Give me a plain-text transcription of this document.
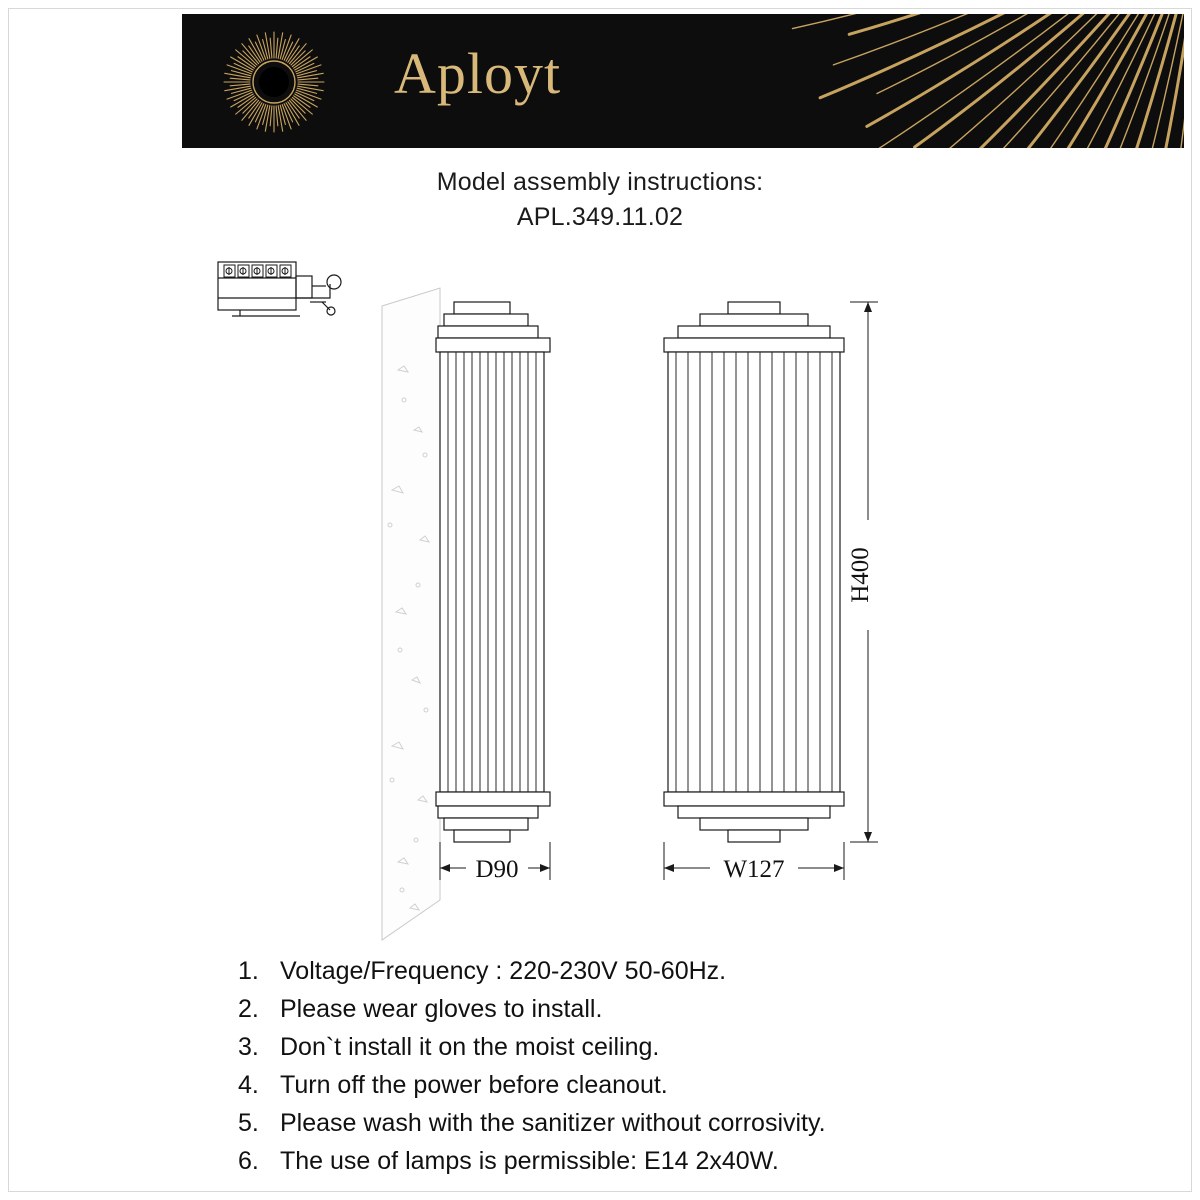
Aployt
Model assembly instructions:
APL.349.11.02
H400
D90	W127
1. Voltage/Frequency : 220-230V 50-60Hz.
2. Please wear gloves to install.
3. Don`t install it on the moist ceiling.
4. Turn off the power before cleanout.
5. Please wash with the sanitizer without corrosivity.
6. The use of lamps is permissible: E14 2x40W.
